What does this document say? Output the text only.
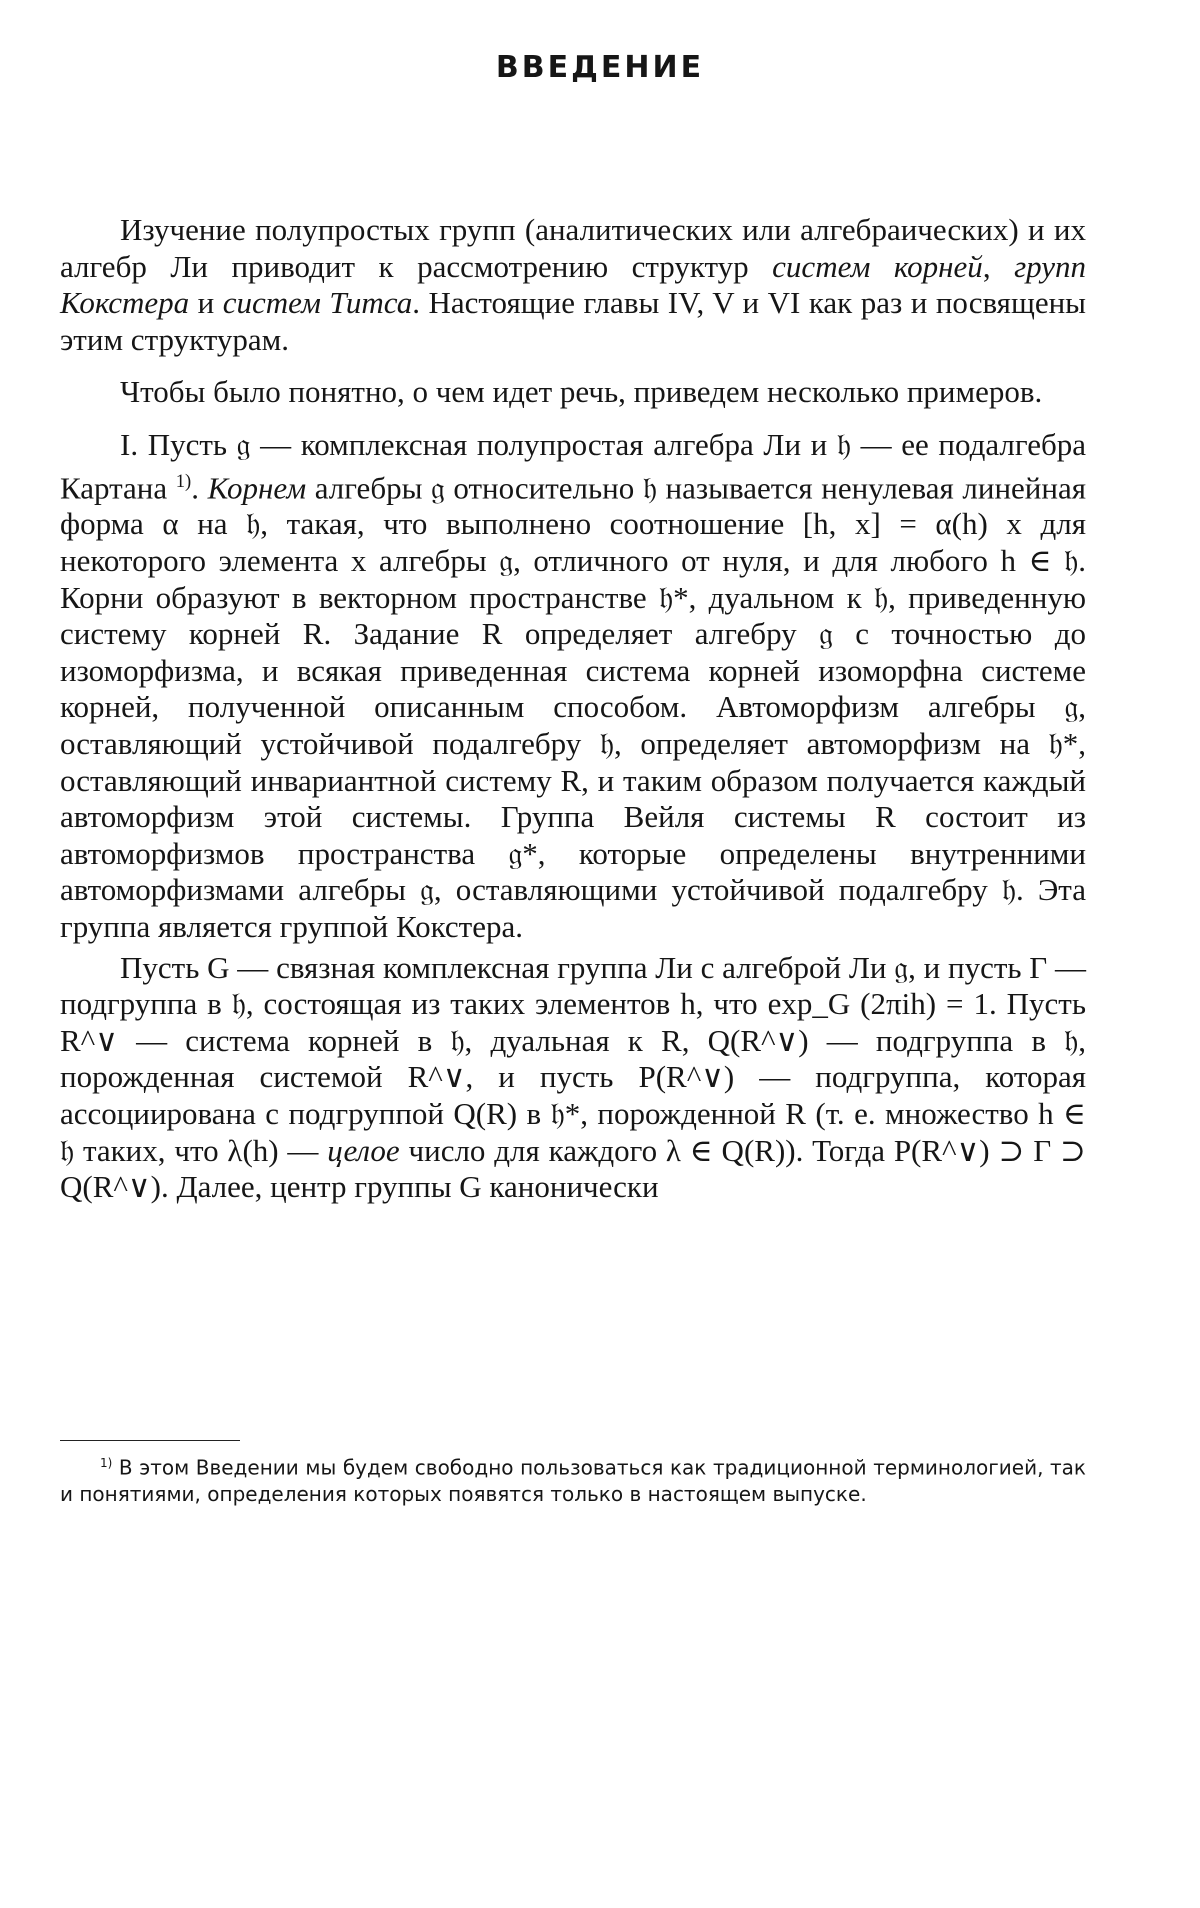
ВВЕДЕНИЕ

Изучение полупростых групп (аналитических или алгебраических) и их алгебр Ли приводит к рассмотрению структур систем корней, групп Кокстера и систем Титса. Настоящие главы IV, V и VI как раз и посвящены этим структурам.

Чтобы было понятно, о чем идет речь, приведем несколько примеров.

I. Пусть 𝔤 — комплексная полупростая алгебра Ли и 𝔥 — ее подалгебра Картана $^{1)}$. Корнем алгебры 𝔤 относительно 𝔥 называется ненулевая линейная форма α на 𝔥, такая, что выполнено соотношение [h, x] = α(h) x для некоторого элемента x алгебры 𝔤, отличного от нуля, и для любого h ∈ 𝔥. Корни образуют в векторном пространстве 𝔥*, дуальном к 𝔥, приведенную систему корней R. Задание R определяет алгебру 𝔤 с точностью до изоморфизма, и всякая приведенная система корней изоморфна системе корней, полученной описанным способом. Автоморфизм алгебры 𝔤, оставляющий устойчивой подалгебру 𝔥, определяет автоморфизм на 𝔥*, оставляющий инвариантной систему R, и таким образом получается каждый автоморфизм этой системы. Группа Вейля системы R состоит из автоморфизмов пространства 𝔤*, которые определены внутренними автоморфизмами алгебры 𝔤, оставляющими устойчивой подалгебру 𝔥. Эта группа является группой Кокстера.

Пусть G — связная комплексная группа Ли с алгеброй Ли 𝔤, и пусть Γ — подгруппа в 𝔥, состоящая из таких элементов h, что exp_G (2πih) = 1. Пусть R^∨ — система корней в 𝔥, дуальная к R, Q(R^∨) — подгруппа в 𝔥, порожденная системой R^∨, и пусть P(R^∨) — подгруппа, которая ассоциирована с подгруппой Q(R) в 𝔥*, порожденной R (т. е. множество h ∈ 𝔥 таких, что λ(h) — целое число для каждого λ ∈ Q(R)). Тогда P(R^∨) ⊃ Γ ⊃ Q(R^∨). Далее, центр группы G канонически

$^{1)}$ В этом Введении мы будем свободно пользоваться как традиционной терминологией, так и понятиями, определения которых появятся только в настоящем выпуске.
